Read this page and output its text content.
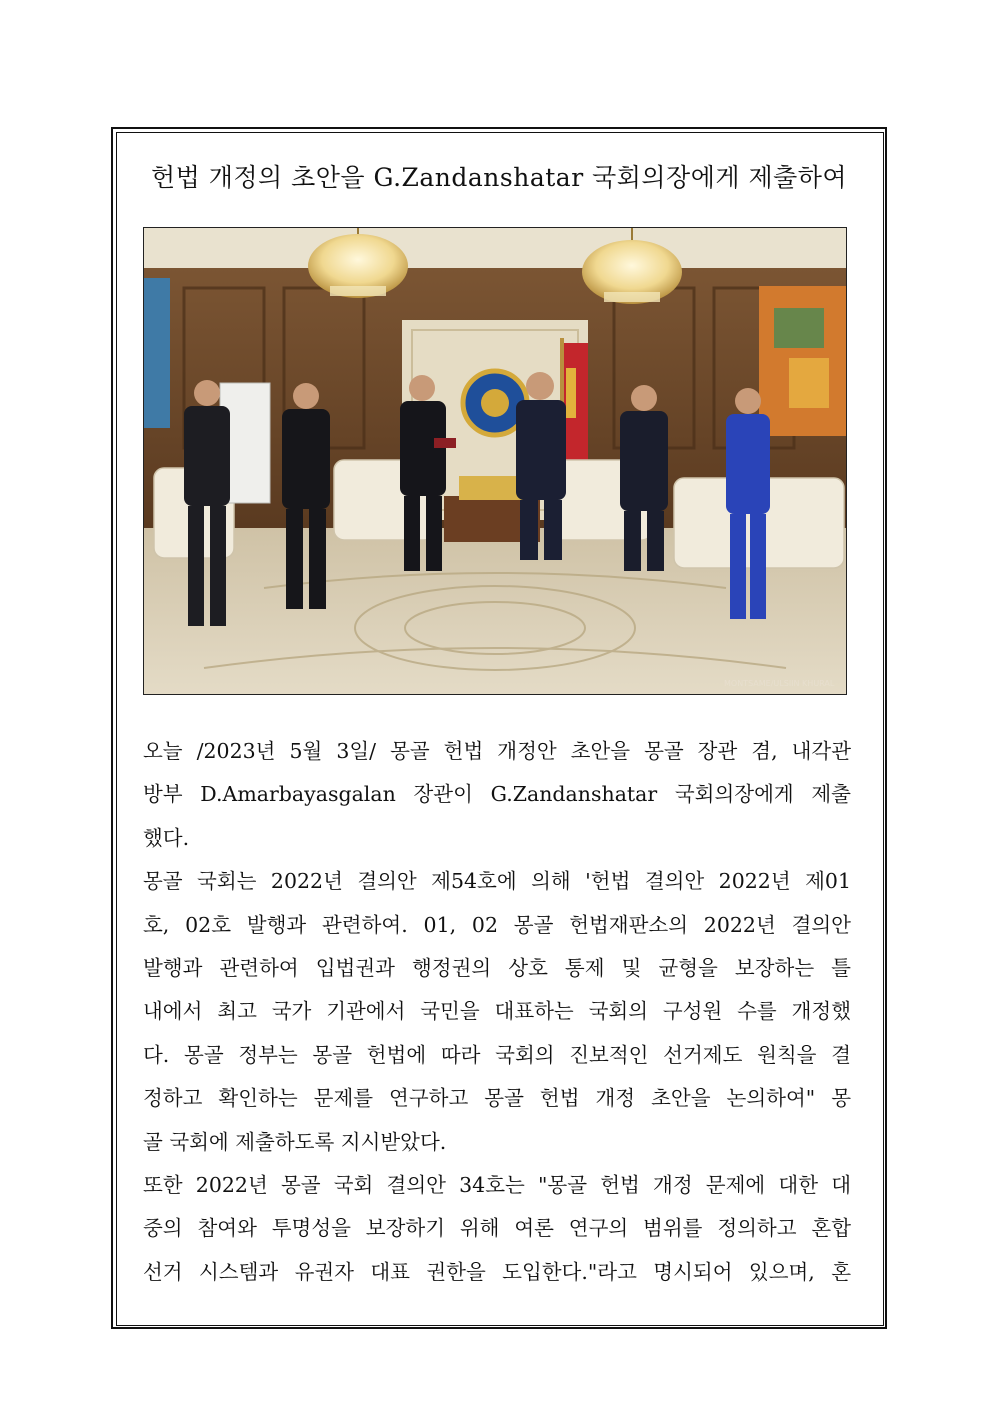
헌법 개정의 초안을 G.Zandanshatar 국회의장에게 제출하여
MONTSAME/ULSIIN KHURAL
오늘 /2023년 5월 3일/ 몽골 헌법 개정안 초안을 몽골 장관 겸, 내각관
방부 D.Amarbayasgalan 장관이 G.Zandanshatar 국회의장에게 제출
했다.
몽골 국회는 2022년 결의안 제54호에 의해 '헌법 결의안 2022년 제01
호, 02호 발행과 관련하여. 01, 02 몽골 헌법재판소의 2022년 결의안
발행과 관련하여 입법권과 행정권의 상호 통제 및 균형을 보장하는 틀
내에서 최고 국가 기관에서 국민을 대표하는 국회의 구성원 수를 개정했
다. 몽골 정부는 몽골 헌법에 따라 국회의 진보적인 선거제도 원칙을 결
정하고 확인하는 문제를 연구하고 몽골 헌법 개정 초안을 논의하여" 몽
골 국회에 제출하도록 지시받았다.
또한 2022년 몽골 국회 결의안 34호는 "몽골 헌법 개정 문제에 대한 대
중의 참여와 투명성을 보장하기 위해 여론 연구의 범위를 정의하고 혼합
선거 시스템과 유권자 대표 권한을 도입한다."라고 명시되어 있으며, 혼
